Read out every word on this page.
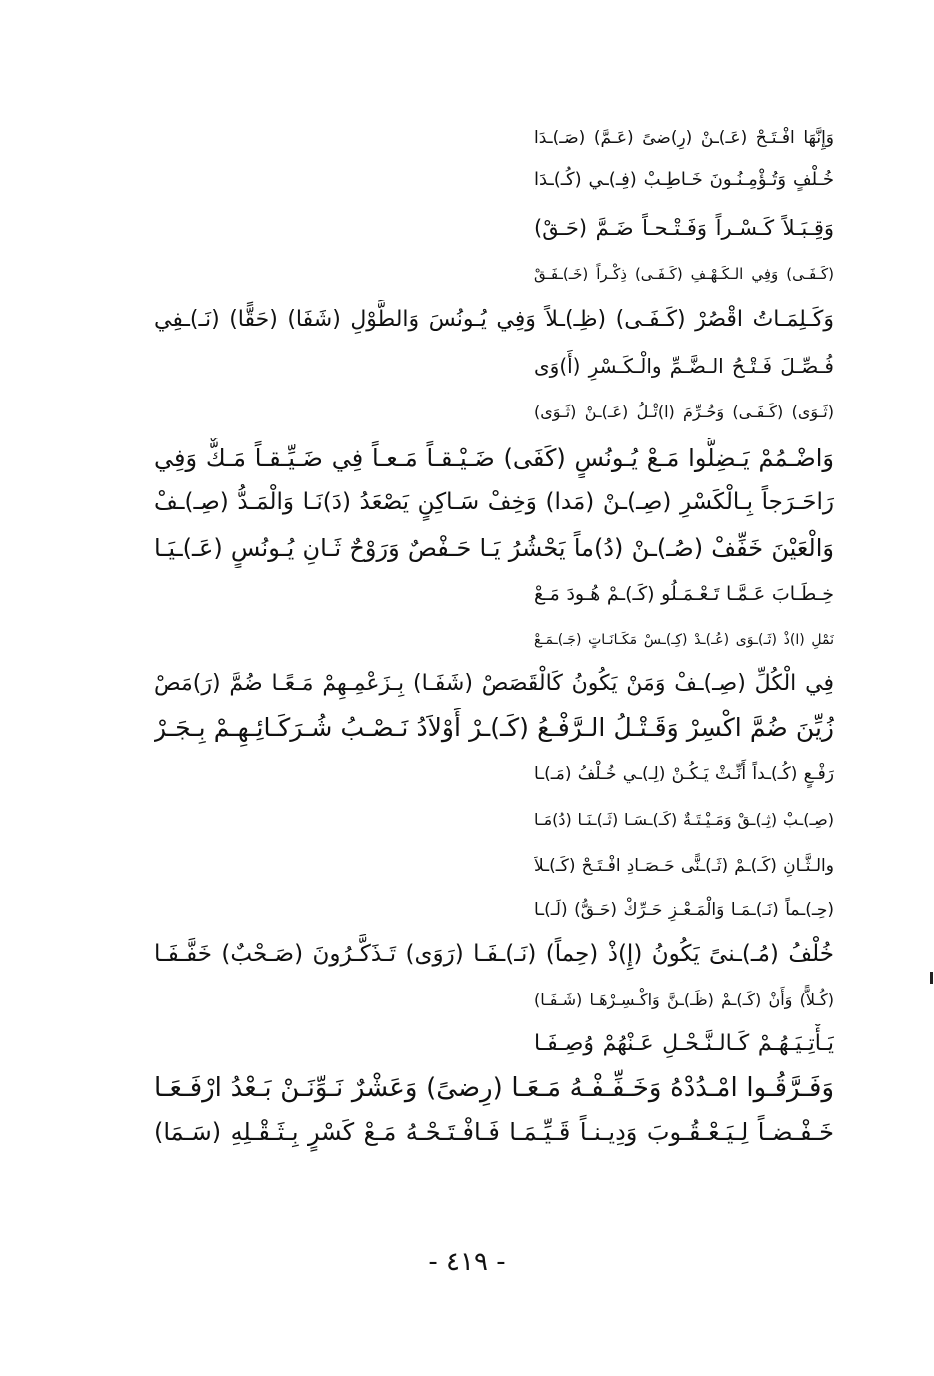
وَإِنَّهَا افْـتَـحْ (عَـ)ـنْ (رِ)ضىً (عَـمَّ) (صَـ)ـدَا
خُـلْفٍ وَتُـؤْمِـنُـونَ خَـاطِـبْ (فِـ)ـي (كُـ)ـدَا
وَقِـبَـلاً كَـسْـراً وَفَـتْـحـاً ضَـمَّ (حَـقْ)
(كَـفَـى) وَفِي الـكَـهْـفِ (كَـفَـى) ذِكْـراً (خَـ)ـفَـقْ
وَكَـلِمَـاتُ اقْصُرْ (كَـفَـى) (ظِـ)ـلاً وَفِي يُـونُسَ وَالطَّوْلِ (شَفَا) (حَقًّا) (نَـ)ـفِي
فُـصِّـلَ فَـتْـحُ الـضَّـمِّ والْـكَـسْرِ (أَ)وَى
(ثَـوَى) (كَـفَـى) وَحُـرِّمَ (ا)تْـلُ (عَـ)ـنْ (ثَـوَى)
وَاضْـمُمْ يَـضِلُّوا مَـعْ يُـونُسٍ (كَفَى) ضَـيْـقـاً مَـعـاً فِي ضَـيِّـقـاً مَـكٌّ وَفِي
رَاحَـرَجاً بِـالْكَسْرِ (صِـ)ـنْ (مَدا) وَخِفْ سَـاكِنٍ يَصْعَدُ (دَ)نَـا وَالْمَـدُّ (صِـ)ـفْ
وَالْعَيْنَ خَفِّفْ (صُـ)ـنْ (دُ)ماً يَحْشُرُ يَـا حَـفْصٌ وَرَوْحٌ ثَـانِ يُـونُسٍ (عَـ)ـيَـا
خِـطَـابَ عَـمَّـا تَـعْـمَـلُو (كَـ)ـمْ هُـودَ مَـعْ
نَمْلِ (ا)ذْ (ثَـ)ـوَى (عُـ)ـدْ (كِـ)ـسْ مَكَـانَـاتٍ (جَـ)ـمَـعْ
فِي الْكُلِّ (صِـ)ـفْ وَمَنْ يَكُونُ كَالْقَصَصْ (شَفَـا) بِـزَعْمِـهِمْ مَـعًـا ضُمَّ (رَ)مَصْ
زُيِّنَ ضُمَّ اكْسِرْ وَقَـتْـلُ الـرَّفْـعُ (كَـ)ـرْ أَوْلاَدُ نَـصْـبُ شُـرَكَـائِـهِـمْ بِـجَـرْ
رَفْـعٍ (كُـ)ـداً أَنِّـثْ يَـكُـنْ (لِـ)ـي خُـلْفُ (مَـ)ـا
(صِـ)ـبْ (ثِـ)ـقْ وَمَـيْـتَـةٌ (كَـ)ـسَـا (ثَـ)ـنَـا (دُ)مَـا
والـثَّـانِ (كَـ)ـمْ (ثَـ)ـنًّى حَـصَـادِ افْـتَـحْ (كَـ)ـلاَ
(حِـ)ـماً (نَـ)ـمَـا وَالْمَـعْـزِ حَـرِّكْ (حَـقُّ) (لَـ)ـا
خُلْفُ (مُـ)ـنىً يَكُونُ (إِ)ذْ (حِماً) (نَـ)ـفَـا (رَوَى) تَـذَكَّـرُونَ (صَـحْبٌ) خَفَّـفَـا
(كُـلاًّ) وَأَنْ (كَـ)ـمْ (ظَـ)ـنَّ وَاكْـسِـرْهَـا (شَـفَـا)
يَـأْتِـيَـهُـمْ كَـالـنَّـحْـلِ عَـنْهُمْ وُصِـفَـا
وَفَـرَّقُـوا امْـدُدْهُ وَخَـفِّـفْـهُ مَـعَـا (رِضىً) وَعَشْرٌ نَـوِّنَـنْ بَـعْدُ ارْفَـعَـا
خَـفْـضـاً لِـيَـعْـقُـوبَ وَدِيـنـاً قَـيِّـمَـا فَـافْـتَـحْـهُ مَـعْ كَسْرٍ بِـثَـقْـلِهِ (سَـمَا)
- ٤١٩ -
